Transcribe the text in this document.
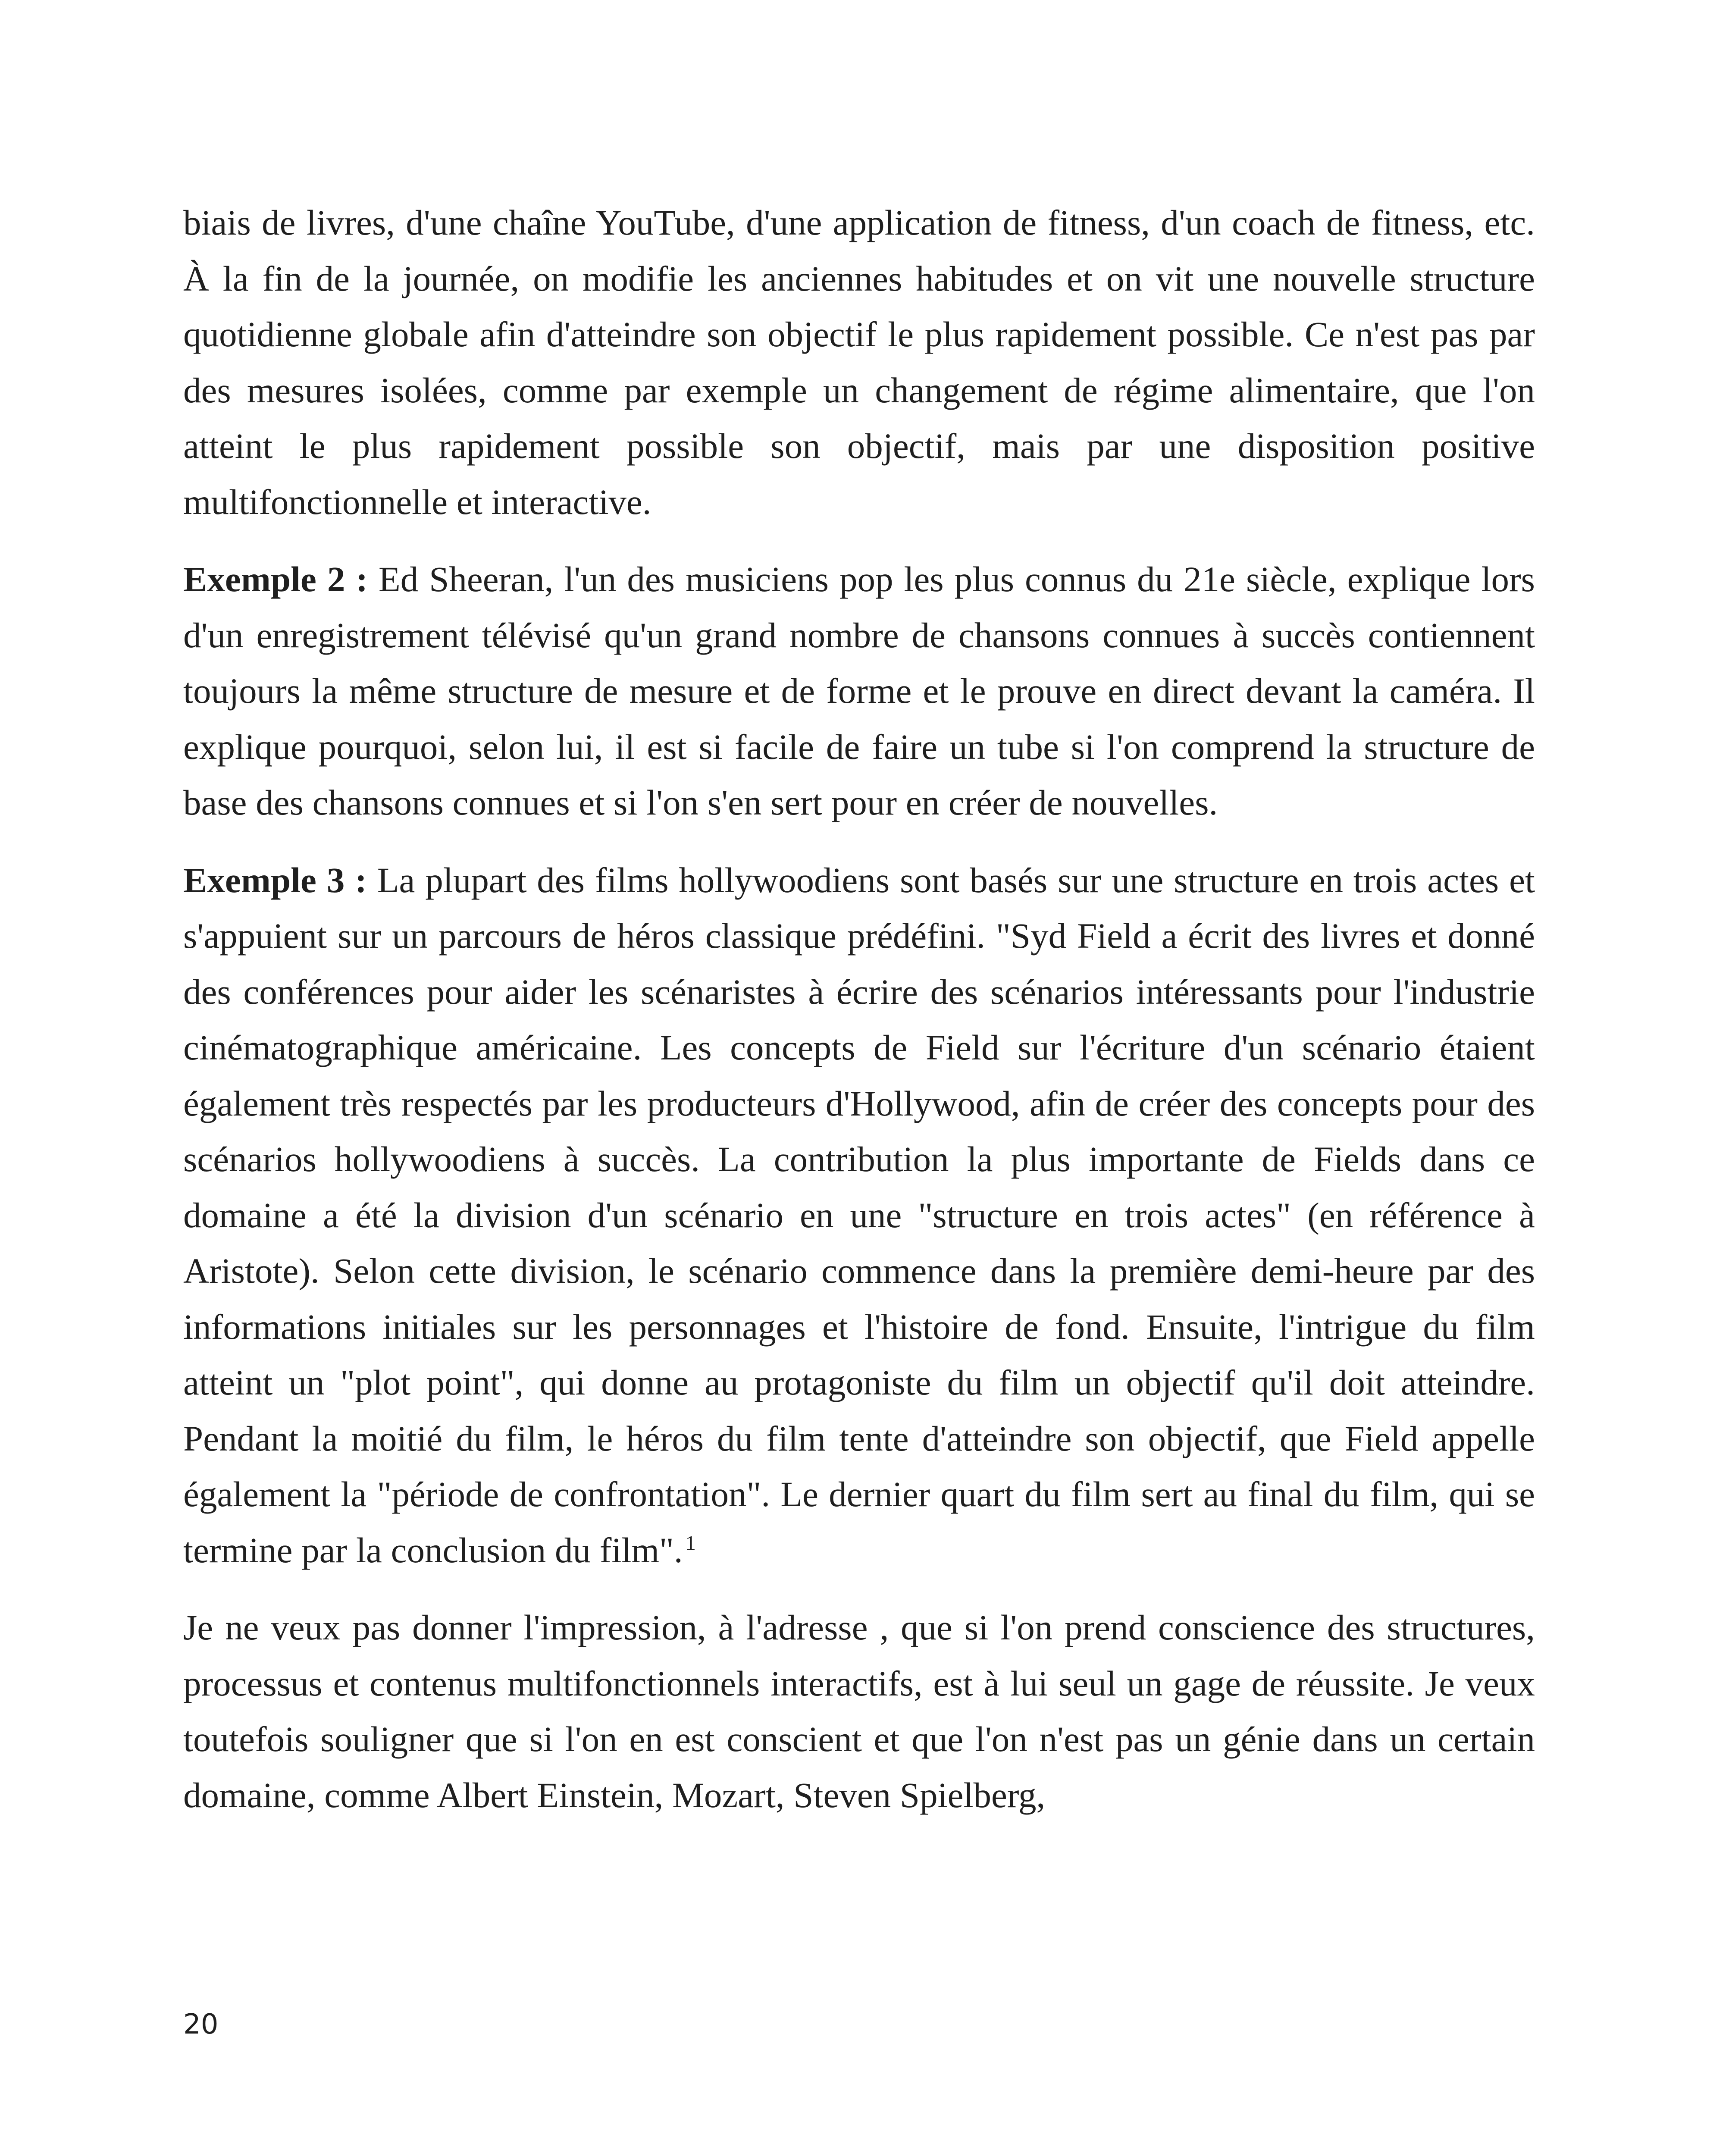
biais de livres, d'une chaîne YouTube, d'une application de fitness, d'un coach de fitness, etc. À la fin de la journée, on modifie les anciennes habitudes et on vit une nouvelle structure quotidienne globale afin d'atteindre son objectif le plus rapidement possible. Ce n'est pas par des mesures isolées, comme par exemple un changement de régime alimentaire, que l'on atteint le plus rapidement possible son objectif, mais par une disposition positive multifonctionnelle et interactive.

Exemple 2 : Ed Sheeran, l'un des musiciens pop les plus connus du 21e siècle, explique lors d'un enregistrement télévisé qu'un grand nombre de chansons connues à succès contiennent toujours la même structure de mesure et de forme et le prouve en direct devant la caméra. Il explique pourquoi, selon lui, il est si facile de faire un tube si l'on comprend la structure de base des chansons connues et si l'on s'en sert pour en créer de nouvelles.

Exemple 3 : La plupart des films hollywoodiens sont basés sur une structure en trois actes et s'appuient sur un parcours de héros classique prédéfini. "Syd Field a écrit des livres et donné des conférences pour aider les scénaristes à écrire des scénarios intéressants pour l'industrie cinématographique américaine. Les concepts de Field sur l'écriture d'un scénario étaient également très respectés par les producteurs d'Hollywood, afin de créer des concepts pour des scénarios hollywoodiens à succès. La contribution la plus importante de Fields dans ce domaine a été la division d'un scénario en une "structure en trois actes" (en référence à Aristote). Selon cette division, le scénario commence dans la première demi-heure par des informations initiales sur les personnages et l'histoire de fond. Ensuite, l'intrigue du film atteint un "plot point", qui donne au protagoniste du film un objectif qu'il doit atteindre. Pendant la moitié du film, le héros du film tente d'atteindre son objectif, que Field appelle également la "période de confrontation". Le dernier quart du film sert au final du film, qui se termine par la conclusion du film". $^1$

Je ne veux pas donner l'impression, à l'adresse , que si l'on prend conscience des structures, processus et contenus multifonctionnels interactifs, est à lui seul un gage de réussite. Je veux toutefois souligner que si l'on en est conscient et que l'on n'est pas un génie dans un certain domaine, comme Albert Einstein, Mozart, Steven Spielberg,

20
